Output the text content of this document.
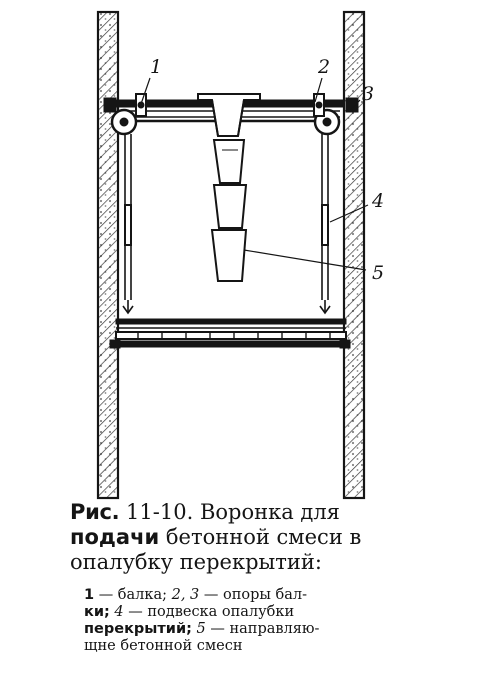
1	2
3
4
5

Рис. 11-10. Воронка для
подачи бетонной смеси в
опалубку перекрытий:

1 — балка; 2, 3 — опоры бал-
ки; 4 — подвеска опалубки
перекрытий; 5 — направляю-
щне бетонной смесн
